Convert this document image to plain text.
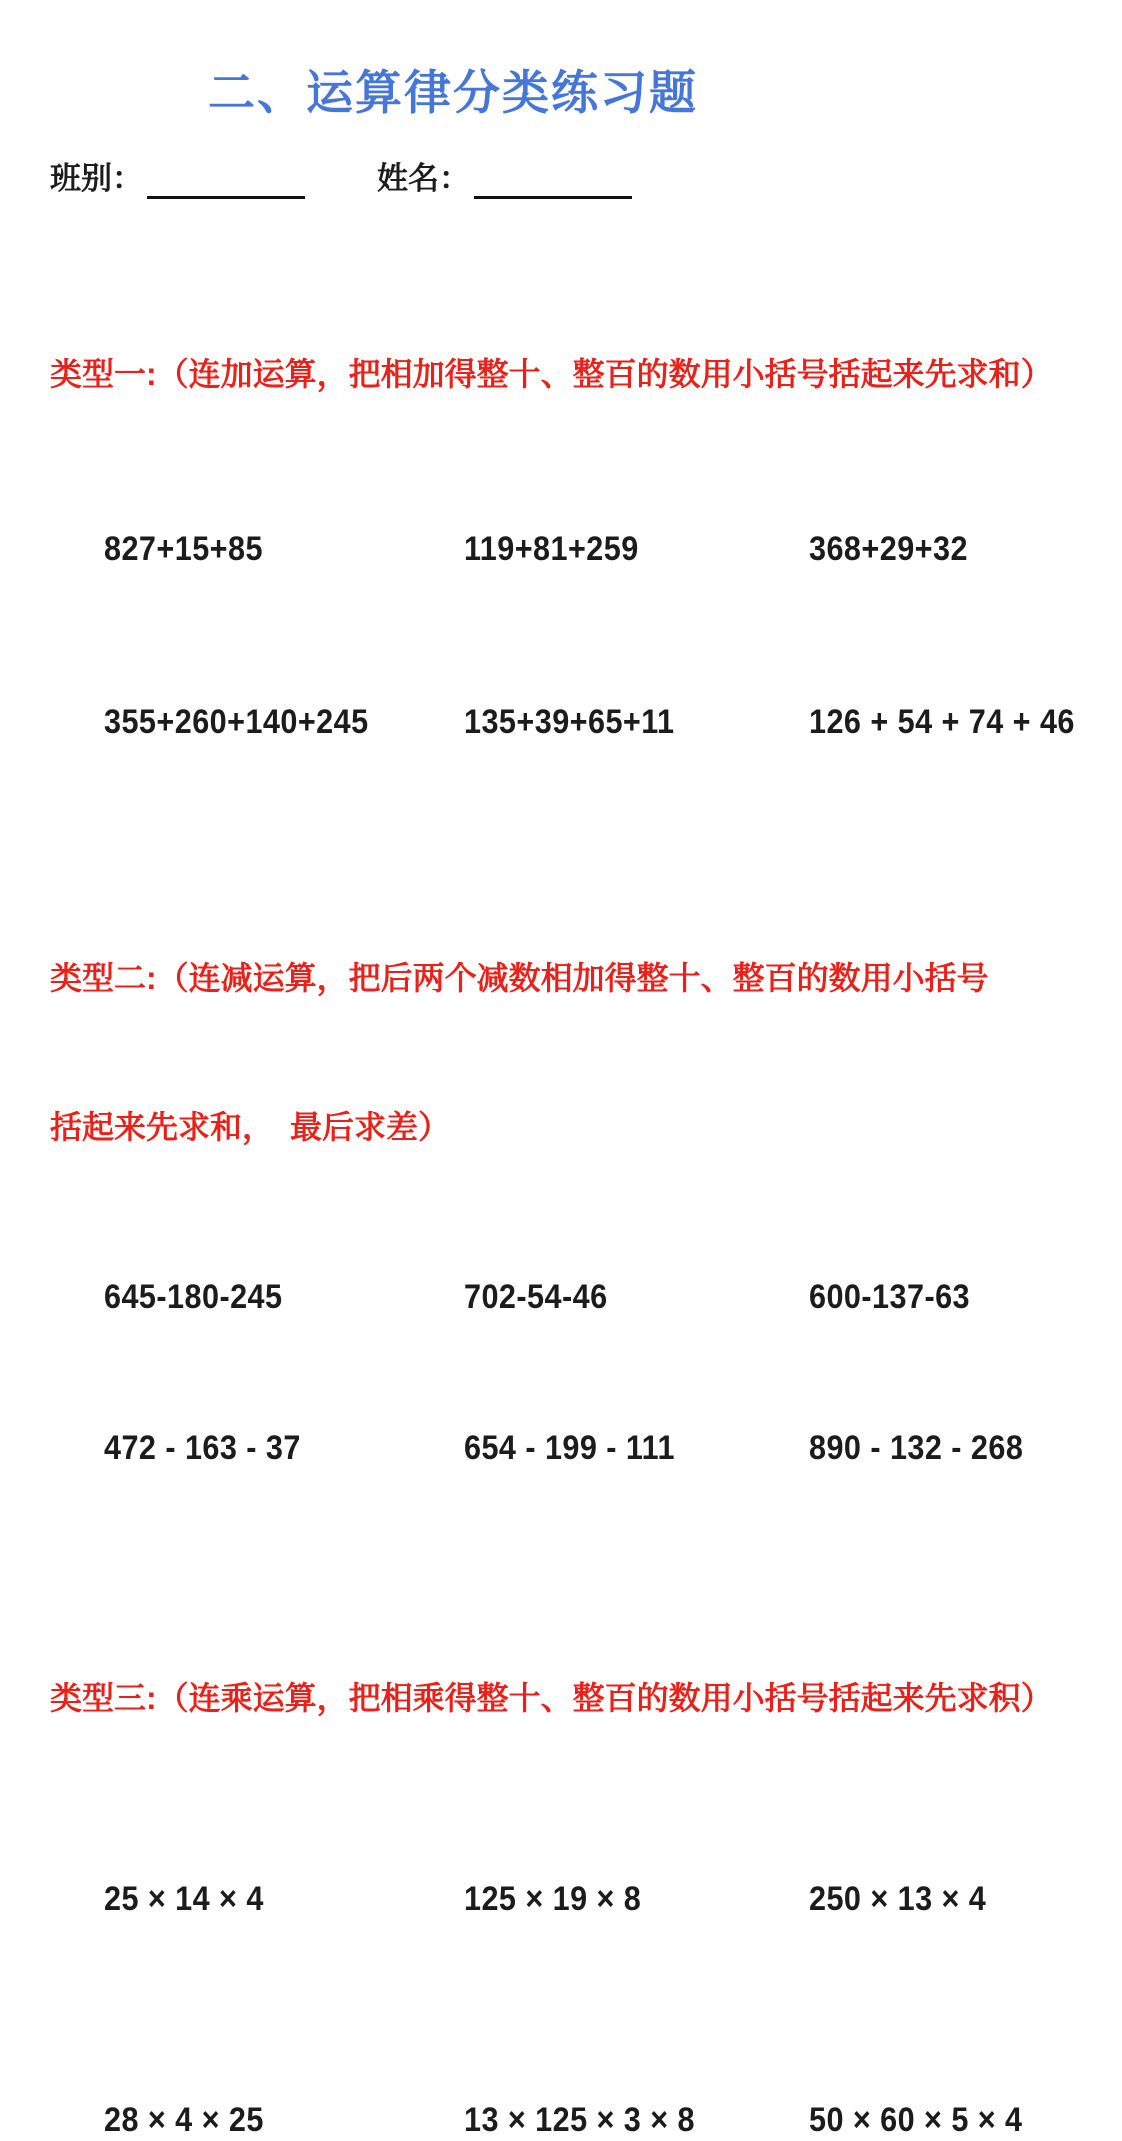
二、运算律分类练习题
班别：	姓名：

类型一:（连加运算，把相加得整十、整百的数用小括号括起来先求和）

827+15+85	119+81+259	368+29+32
355+260+140+245	135+39+65+11	126 + 54 + 74 + 46

类型二:（连减运算，把后两个减数相加得整十、整百的数用小括号

括起来先求和，　最后求差）

645-180-245	702-54-46	600-137-63
472 - 163 - 37	654 - 199 - 111	890 - 132 - 268

类型三:（连乘运算，把相乘得整十、整百的数用小括号括起来先求积）

25 × 14 × 4	125 × 19 × 8	250 × 13 × 4
28 × 4 × 25	13 × 125 × 3 × 8	50 × 60 × 5 × 4
